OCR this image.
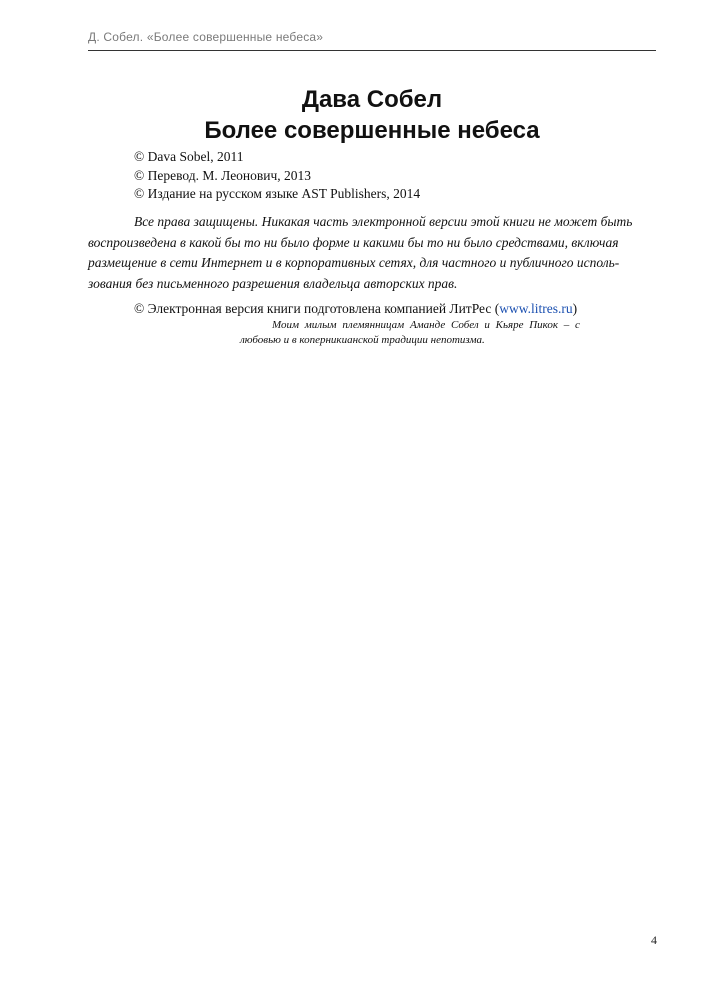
Д. Собел. «Более совершенные небеса»
Дава Собел
Более совершенные небеса
© Dava Sobel, 2011
© Перевод. М. Леонович, 2013
© Издание на русском языке AST Publishers, 2014
Все права защищены. Никакая часть электронной версии этой книги не может быть
воспроизведена в какой бы то ни было форме и какими бы то ни было средствами, включая
размещение в сети Интернет и в корпоративных сетях, для частного и публичного исполь-
зования без письменного разрешения владельца авторских прав.
© Электронная версия книги подготовлена компанией ЛитРес (www.litres.ru)
Моим милым племянницам Аманде Собел и Кьяре Пикок – с
любовью и в коперникианской традиции непотизма.
4
